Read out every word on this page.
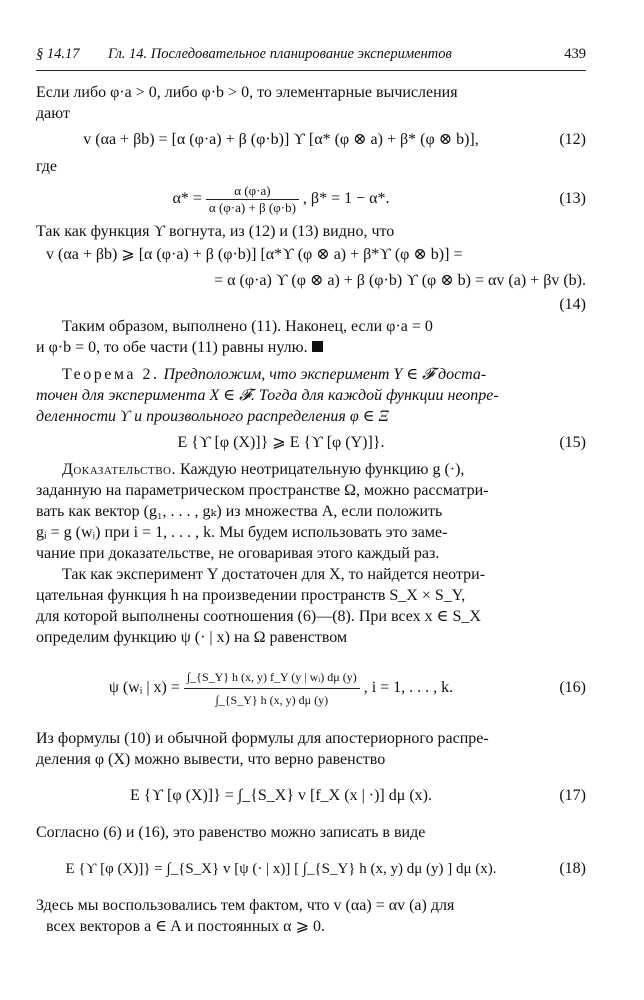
§ 14.17 Гл. 14. Последовательное планирование экспериментов	439

Если либо φ·a > 0, либо φ·b > 0, то элементарные вычисления

дают

v (αa + βb) = [α (φ·a) + β (φ·b)] ϒ [α* (φ ⊗ a) + β* (φ ⊗ b)],	(12)

где

$\alpha* = \frac{\alpha (\varphi\cdot a)}{\alpha (\varphi\cdot a) + \beta (\varphi\cdot b)}$ , β* = 1 − α*.	(13)

Так как функция ϒ вогнута, из (12) и (13) видно, что

v (αa + βb) ⩾ [α (φ·a) + β (φ·b)] [α*ϒ (φ ⊗ a) + β*ϒ (φ ⊗ b)] =
= α (φ·a) ϒ (φ ⊗ a) + β (φ·b) ϒ (φ ⊗ b) = αv (a) + βv (b).
(14)

Таким образом, выполнено (11). Наконец, если φ·a = 0

и φ·b = 0, то обе части (11) равны нулю.

Теорема 2. Предположим, что эксперимент Y ∈ 𝓕 доста-

точен для эксперимента X ∈ 𝓕. Тогда для каждой функции неопре-

деленности ϒ и произвольного распределения φ ∈ Ξ

E {ϒ [φ (X)]} ⩾ E {ϒ [φ (Y)]}.	(15)

Доказательство. Каждую неотрицательную функцию g (·),

заданную на параметрическом пространстве Ω, можно рассматри-

вать как вектор (g₁, . . . , gₖ) из множества A, если положить

gᵢ = g (wᵢ) при i = 1, . . . , k. Мы будем использовать это заме-

чание при доказательстве, не оговаривая этого каждый раз.

Так как эксперимент Y достаточен для X, то найдется неотри-

цательная функция h на произведении пространств S_X × S_Y,

для которой выполнены соотношения (6)—(8). При всех x ∈ S_X

определим функцию ψ (· | x) на Ω равенством

ψ (wᵢ | $x) = \frac{\text{∫\_\{S\_Y\} h (x, y) f\_Y (y | wᵢ) dμ (y)}}{\int\_\{S\_Y\} h (x, y) d\mu (y)}$ , i = 1, . . . , k.	(16)

Из формулы (10) и обычной формулы для апостериорного распре-

деления φ (X) можно вывести, что верно равенство

E {ϒ [φ (X)]} = ∫_{S_X} v [f_X (x | ·)] dμ (x).	(17)

Согласно (6) и (16), это равенство можно записать в виде

E {ϒ [φ (X)]} = ∫_{S_X} v [ψ (· | x)] [ ∫_{S_Y} h (x, y) dμ (y) ] dμ (x).	(18)

Здесь мы воспользовались тем фактом, что v (αa) = αv (a) для

всех векторов a ∈ A и постоянных α ⩾ 0.
